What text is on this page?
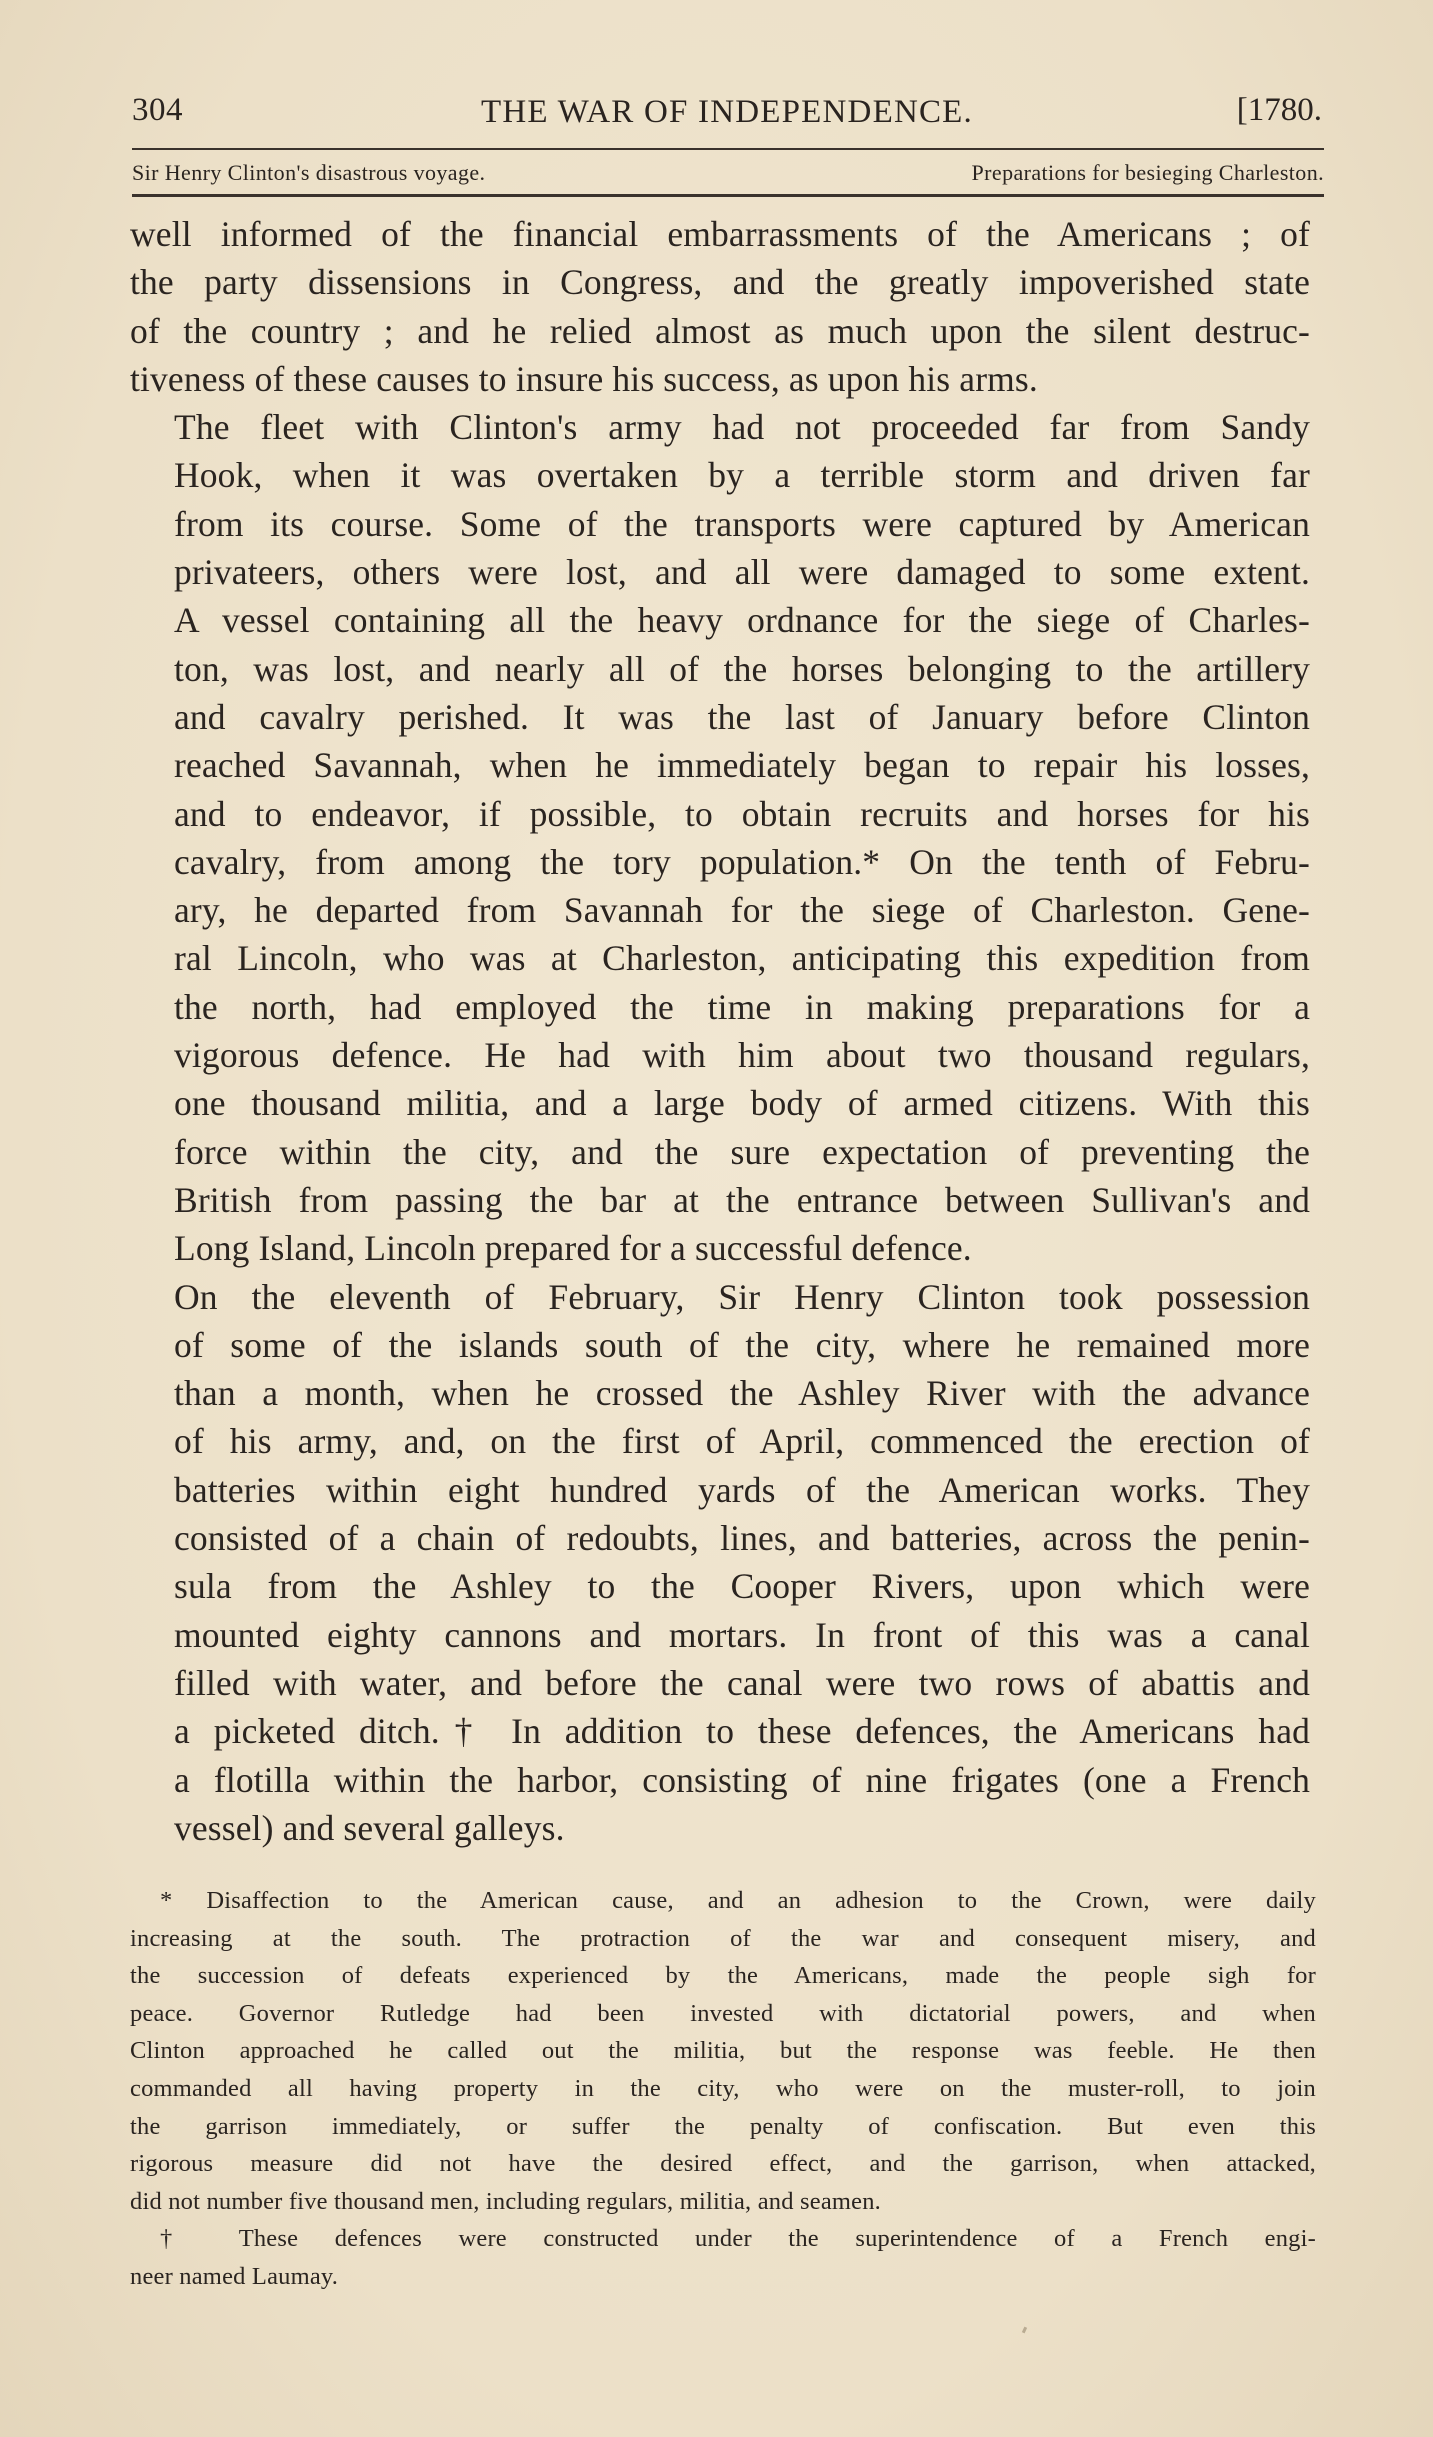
304	THE WAR OF INDEPENDENCE.	[1780.
Sir Henry Clinton's disastrous voyage.	Preparations for besieging Charleston.

well informed of the financial embarrassments of the Americans ; of
the party dissensions in Congress, and the greatly impoverished state
of the country ; and he relied almost as much upon the silent destruc-
tiveness of these causes to insure his success, as upon his arms.

The fleet with Clinton's army had not proceeded far from Sandy
Hook, when it was overtaken by a terrible storm and driven far
from its course. Some of the transports were captured by American
privateers, others were lost, and all were damaged to some extent.
A vessel containing all the heavy ordnance for the siege of Charles-
ton, was lost, and nearly all of the horses belonging to the artillery
and cavalry perished. It was the last of January before Clinton
reached Savannah, when he immediately began to repair his losses,
and to endeavor, if possible, to obtain recruits and horses for his
cavalry, from among the tory population.* On the tenth of Febru-
ary, he departed from Savannah for the siege of Charleston. Gene-
ral Lincoln, who was at Charleston, anticipating this expedition from
the north, had employed the time in making preparations for a
vigorous defence. He had with him about two thousand regulars,
one thousand militia, and a large body of armed citizens. With this
force within the city, and the sure expectation of preventing the
British from passing the bar at the entrance between Sullivan's and
Long Island, Lincoln prepared for a successful defence.

On the eleventh of February, Sir Henry Clinton took possession
of some of the islands south of the city, where he remained more
than a month, when he crossed the Ashley River with the advance
of his army, and, on the first of April, commenced the erection of
batteries within eight hundred yards of the American works. They
consisted of a chain of redoubts, lines, and batteries, across the penin-
sula from the Ashley to the Cooper Rivers, upon which were
mounted eighty cannons and mortars. In front of this was a canal
filled with water, and before the canal were two rows of abattis and
a picketed ditch.† In addition to these defences, the Americans had
a flotilla within the harbor, consisting of nine frigates (one a French
vessel) and several galleys.

* Disaffection to the American cause, and an adhesion to the Crown, were daily
increasing at the south. The protraction of the war and consequent misery, and
the succession of defeats experienced by the Americans, made the people sigh for
peace. Governor Rutledge had been invested with dictatorial powers, and when
Clinton approached he called out the militia, but the response was feeble. He then
commanded all having property in the city, who were on the muster-roll, to join
the garrison immediately, or suffer the penalty of confiscation. But even this
rigorous measure did not have the desired effect, and the garrison, when attacked,
did not number five thousand men, including regulars, militia, and seamen.
† These defences were constructed under the superintendence of a French engi-
neer named Laumay.
